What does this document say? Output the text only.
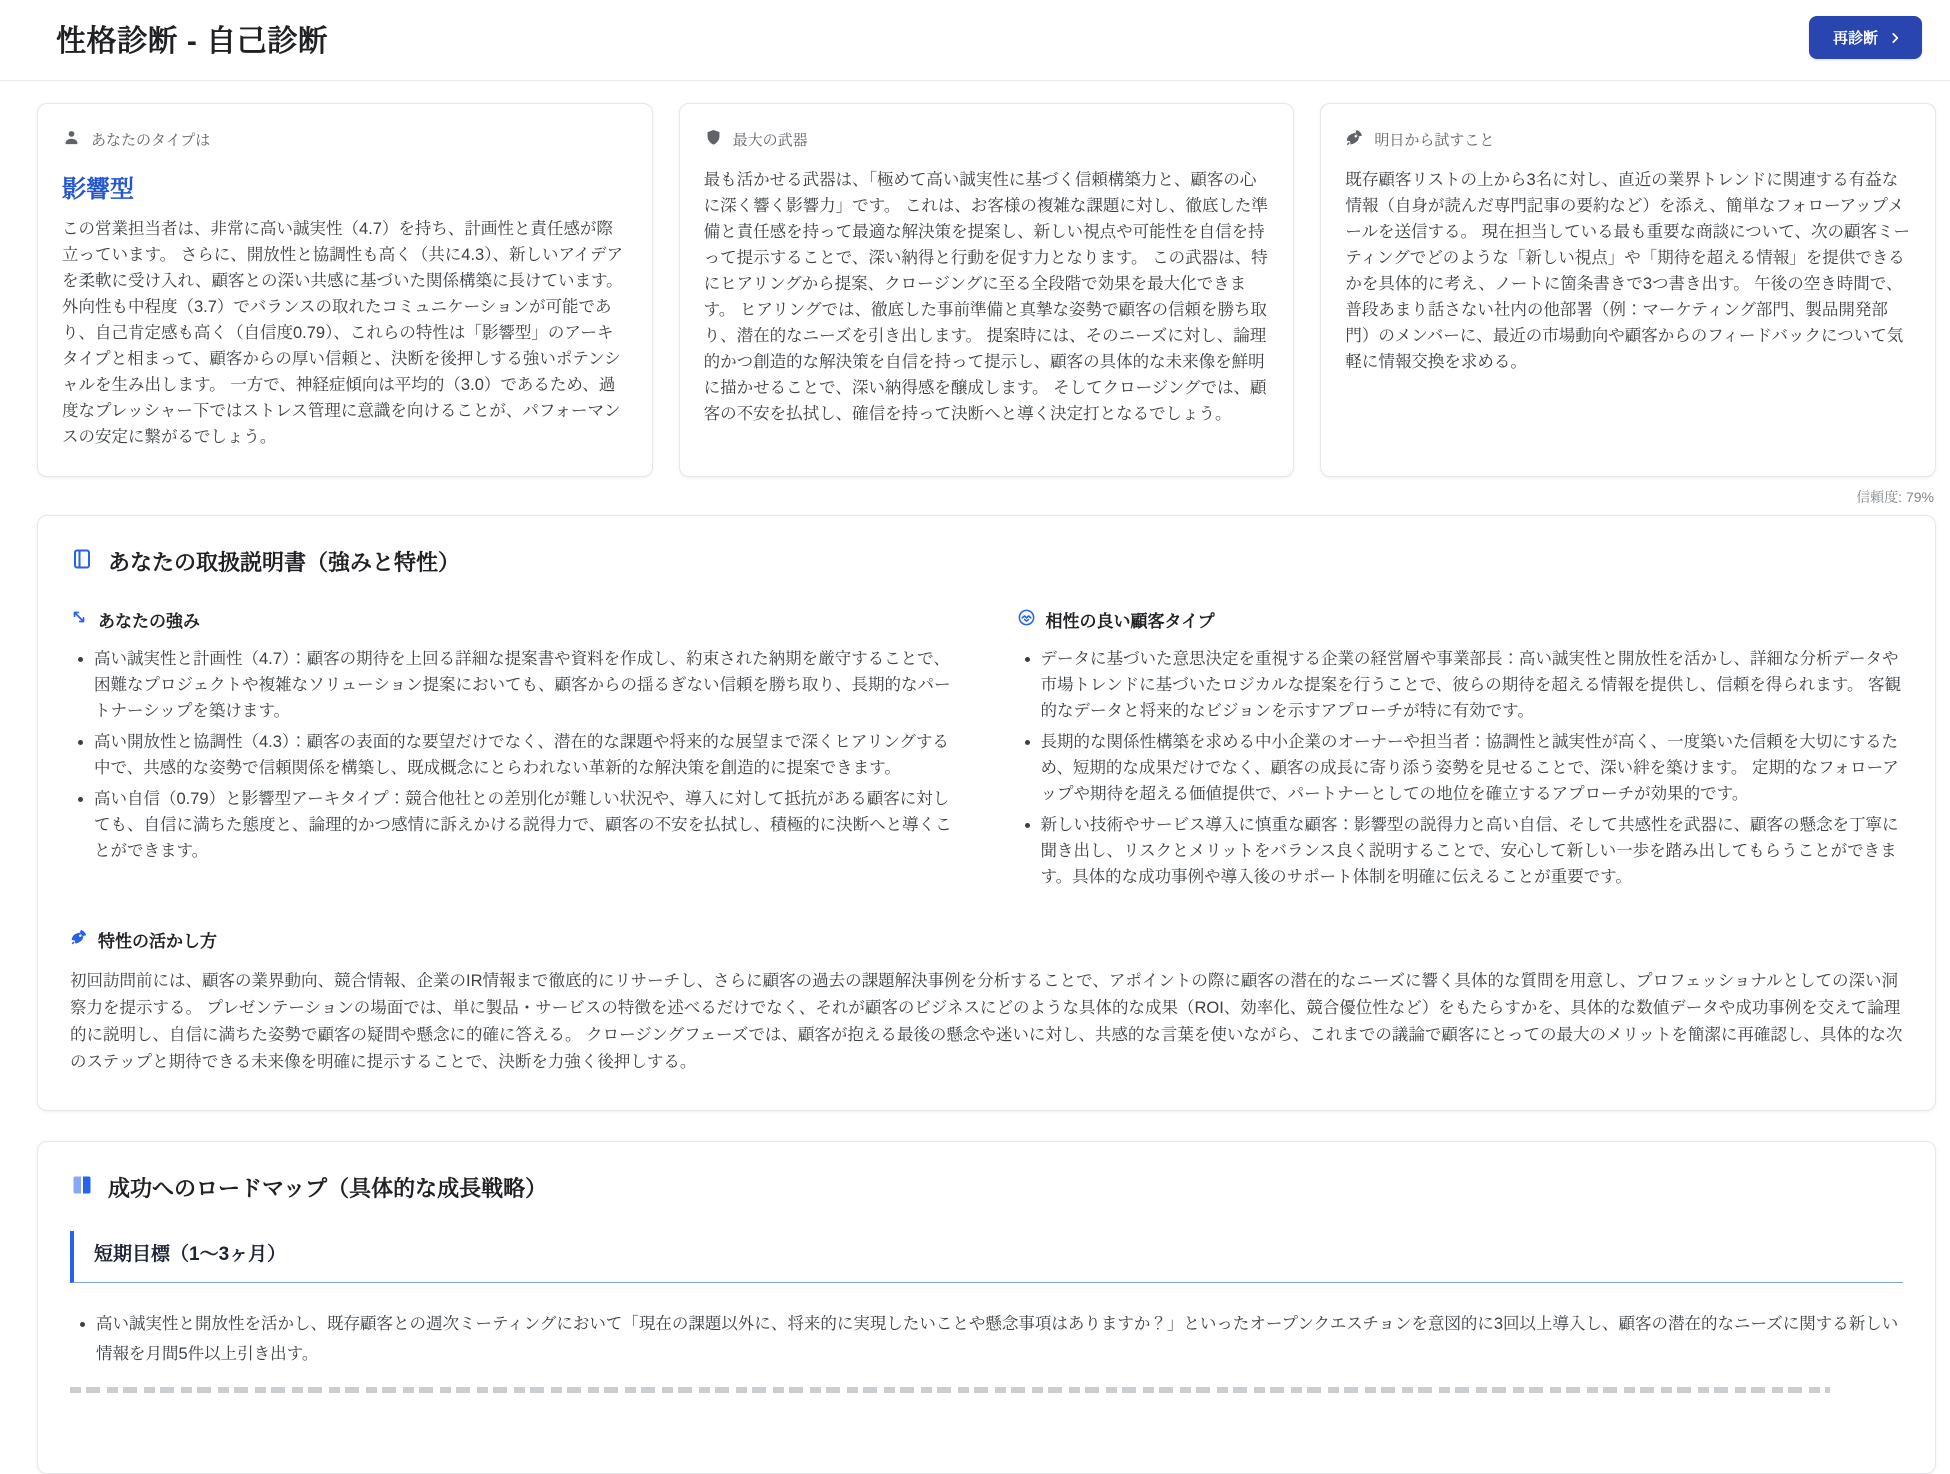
性格診断 - 自己診断	再診断
あなたのタイプは
影響型

この営業担当者は、非常に高い誠実性（4.7）を持ち、計画性と責任感が際立っています。 さらに、開放性と協調性も高く（共に4.3）、新しいアイデアを柔軟に受け入れ、顧客との深い共感に基づいた関係構築に長けています。 外向性も中程度（3.7）でバランスの取れたコミュニケーションが可能であり、自己肯定感も高く（自信度0.79）、これらの特性は「影響型」のアーキタイプと相まって、顧客からの厚い信頼と、決断を後押しする強いポテンシャルを生み出します。 一方で、神経症傾向は平均的（3.0）であるため、過度なプレッシャー下ではストレス管理に意識を向けることが、パフォーマンスの安定に繋がるでしょう。

最大の武器

最も活かせる武器は、「極めて高い誠実性に基づく信頼構築力と、顧客の心に深く響く影響力」です。 これは、お客様の複雑な課題に対し、徹底した準備と責任感を持って最適な解決策を提案し、新しい視点や可能性を自信を持って提示することで、深い納得と行動を促す力となります。 この武器は、特にヒアリングから提案、クロージングに至る全段階で効果を最大化できます。 ヒアリングでは、徹底した事前準備と真摯な姿勢で顧客の信頼を勝ち取り、潜在的なニーズを引き出します。 提案時には、そのニーズに対し、論理的かつ創造的な解決策を自信を持って提示し、顧客の具体的な未来像を鮮明に描かせることで、深い納得感を醸成します。 そしてクロージングでは、顧客の不安を払拭し、確信を持って決断へと導く決定打となるでしょう。

明日から試すこと

既存顧客リストの上から3名に対し、直近の業界トレンドに関連する有益な情報（自身が読んだ専門記事の要約など）を添え、簡単なフォローアップメールを送信する。 現在担当している最も重要な商談について、次の顧客ミーティングでどのような「新しい視点」や「期待を超える情報」を提供できるかを具体的に考え、ノートに箇条書きで3つ書き出す。 午後の空き時間で、普段あまり話さない社内の他部署（例：マーケティング部門、製品開発部門）のメンバーに、最近の市場動向や顧客からのフィードバックについて気軽に情報交換を求める。

信頼度: 79%
あなたの取扱説明書（強みと特性）
あなたの強み
• 高い誠実性と計画性（4.7）：顧客の期待を上回る詳細な提案書や資料を作成し、約束された納期を厳守することで、困難なプロジェクトや複雑なソリューション提案においても、顧客からの揺るぎない信頼を勝ち取り、長期的なパートナーシップを築けます。
• 高い開放性と協調性（4.3）：顧客の表面的な要望だけでなく、潜在的な課題や将来的な展望まで深くヒアリングする中で、共感的な姿勢で信頼関係を構築し、既成概念にとらわれない革新的な解決策を創造的に提案できます。
• 高い自信（0.79）と影響型アーキタイプ：競合他社との差別化が難しい状況や、導入に対して抵抗がある顧客に対しても、自信に満ちた態度と、論理的かつ感情に訴えかける説得力で、顧客の不安を払拭し、積極的に決断へと導くことができます。
相性の良い顧客タイプ
• データに基づいた意思決定を重視する企業の経営層や事業部長：高い誠実性と開放性を活かし、詳細な分析データや市場トレンドに基づいたロジカルな提案を行うことで、彼らの期待を超える情報を提供し、信頼を得られます。 客観的なデータと将来的なビジョンを示すアプローチが特に有効です。
• 長期的な関係性構築を求める中小企業のオーナーや担当者：協調性と誠実性が高く、一度築いた信頼を大切にするため、短期的な成果だけでなく、顧客の成長に寄り添う姿勢を見せることで、深い絆を築けます。 定期的なフォローアップや期待を超える価値提供で、パートナーとしての地位を確立するアプローチが効果的です。
• 新しい技術やサービス導入に慎重な顧客：影響型の説得力と高い自信、そして共感性を武器に、顧客の懸念を丁寧に聞き出し、リスクとメリットをバランス良く説明することで、安心して新しい一歩を踏み出してもらうことができます。具体的な成功事例や導入後のサポート体制を明確に伝えることが重要です。
特性の活かし方

初回訪問前には、顧客の業界動向、競合情報、企業のIR情報まで徹底的にリサーチし、さらに顧客の過去の課題解決事例を分析することで、アポイントの際に顧客の潜在的なニーズに響く具体的な質問を用意し、プロフェッショナルとしての深い洞察力を提示する。 プレゼンテーションの場面では、単に製品・サービスの特徴を述べるだけでなく、それが顧客のビジネスにどのような具体的な成果（ROI、効率化、競合優位性など）をもたらすかを、具体的な数値データや成功事例を交えて論理的に説明し、自信に満ちた姿勢で顧客の疑問や懸念に的確に答える。 クロージングフェーズでは、顧客が抱える最後の懸念や迷いに対し、共感的な言葉を使いながら、これまでの議論で顧客にとっての最大のメリットを簡潔に再確認し、具体的な次のステップと期待できる未来像を明確に提示することで、決断を力強く後押しする。

成功へのロードマップ（具体的な成長戦略）
短期目標（1〜3ヶ月）
• 高い誠実性と開放性を活かし、既存顧客との週次ミーティングにおいて「現在の課題以外に、将来的に実現したいことや懸念事項はありますか？」といったオープンクエスチョンを意図的に3回以上導入し、顧客の潜在的なニーズに関する新しい情報を月間5件以上引き出す。
